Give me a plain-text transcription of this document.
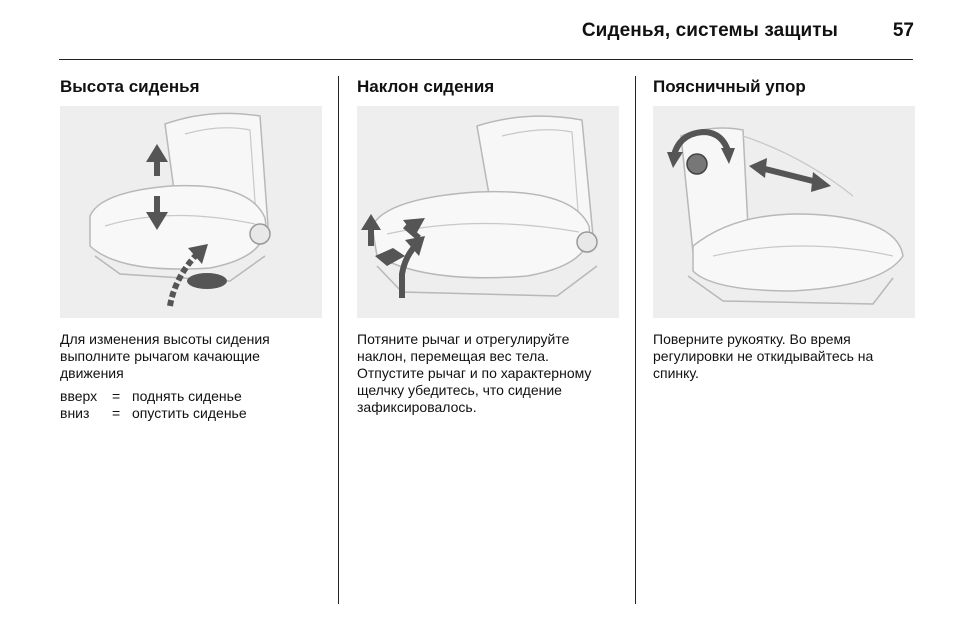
Сиденья, системы защиты	57
Высота сиденья

Для изменения высоты сидения выполните рычагом качающие движения

вверх	= поднять сиденье
вниз	= опустить сиденье
Наклон сидения

Потяните рычаг и отрегулируйте наклон, перемещая вес тела. Отпустите рычаг и по характерному щелчку убедитесь, что сидение зафиксировалось.

Поясничный упор

Поверните рукоятку. Во время регулировки не откидывайтесь на спинку.
